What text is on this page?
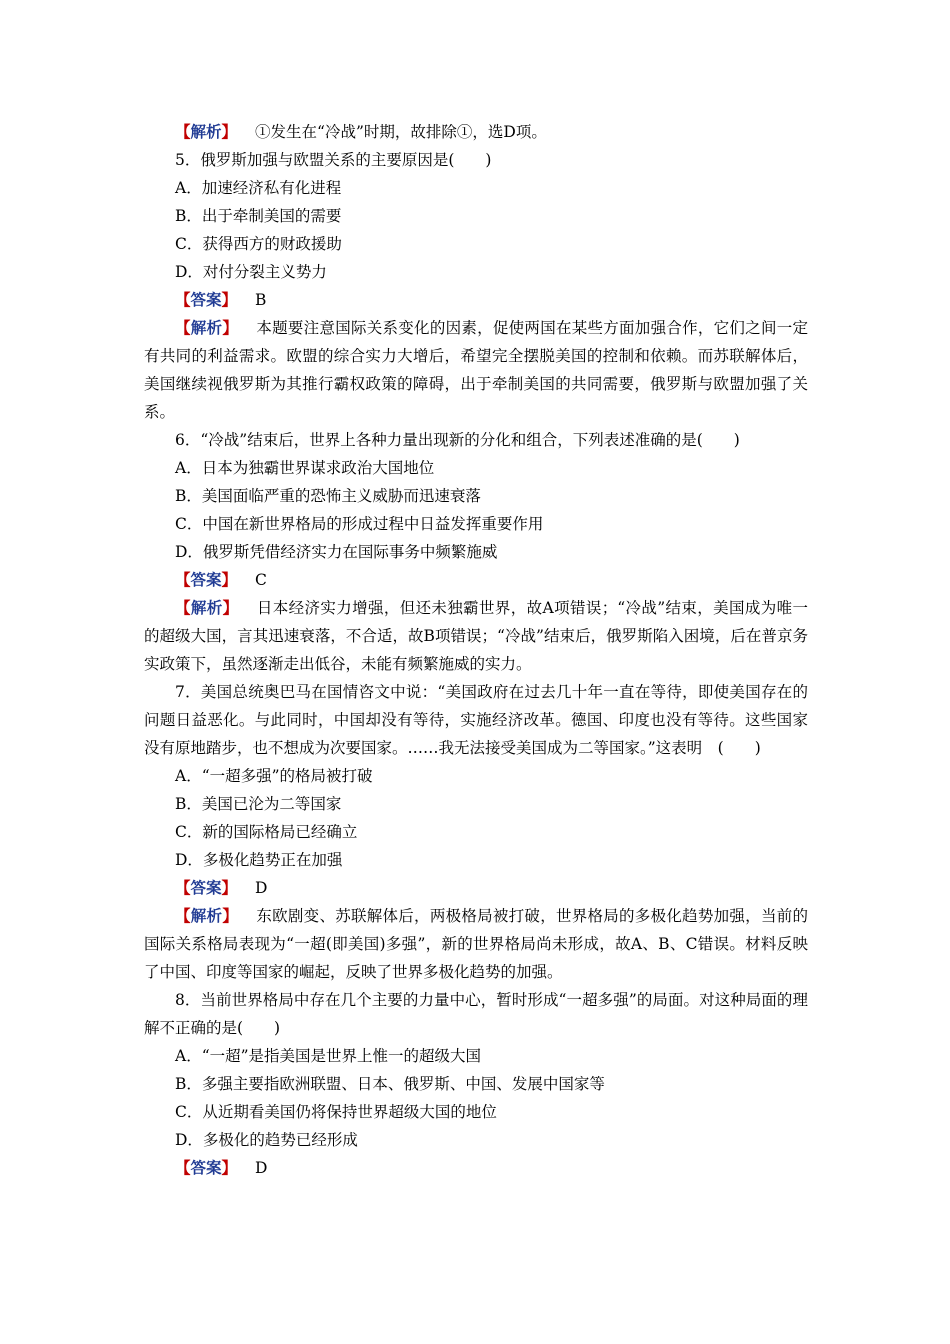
【解析】 ①发生在“冷战”时期，故排除①，选D项。
5．俄罗斯加强与欧盟关系的主要原因是(　　)
A．加速经济私有化进程
B．出于牵制美国的需要
C．获得西方的财政援助
D．对付分裂主义势力
【答案】 B
【解析】 本题要注意国际关系变化的因素，促使两国在某些方面加强合作，它们之间一定有共同的利益需求。欧盟的综合实力大增后，希望完全摆脱美国的控制和依赖。而苏联解体后，美国继续视俄罗斯为其推行霸权政策的障碍，出于牵制美国的共同需要，俄罗斯与欧盟加强了关系。
6．“冷战”结束后，世界上各种力量出现新的分化和组合，下列表述准确的是(　　)
A．日本为独霸世界谋求政治大国地位
B．美国面临严重的恐怖主义威胁而迅速衰落
C．中国在新世界格局的形成过程中日益发挥重要作用
D．俄罗斯凭借经济实力在国际事务中频繁施威
【答案】 C
【解析】 日本经济实力增强，但还未独霸世界，故A项错误；“冷战”结束，美国成为唯一的超级大国，言其迅速衰落，不合适，故B项错误；“冷战”结束后，俄罗斯陷入困境，后在普京务实政策下，虽然逐渐走出低谷，未能有频繁施威的实力。
7．美国总统奥巴马在国情咨文中说：“美国政府在过去几十年一直在等待，即使美国存在的问题日益恶化。与此同时，中国却没有等待，实施经济改革。德国、印度也没有等待。这些国家没有原地踏步，也不想成为次要国家。……我无法接受美国成为二等国家。”这表明　(　　)
A．“一超多强”的格局被打破
B．美国已沦为二等国家
C．新的国际格局已经确立
D．多极化趋势正在加强
【答案】 D
【解析】 东欧剧变、苏联解体后，两极格局被打破，世界格局的多极化趋势加强，当前的国际关系格局表现为“一超(即美国)多强”，新的世界格局尚未形成，故A、B、C错误。材料反映了中国、印度等国家的崛起，反映了世界多极化趋势的加强。
8．当前世界格局中存在几个主要的力量中心，暂时形成“一超多强”的局面。对这种局面的理解不正确的是(　　)
A．“一超”是指美国是世界上惟一的超级大国
B．多强主要指欧洲联盟、日本、俄罗斯、中国、发展中国家等
C．从近期看美国仍将保持世界超级大国的地位
D．多极化的趋势已经形成
【答案】 D
